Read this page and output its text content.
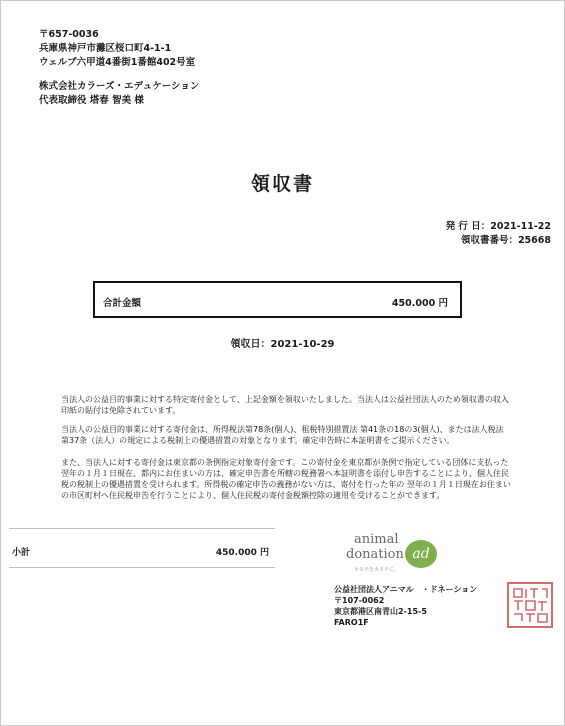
〒657-0036
兵庫県神戸市灘区桜口町4-1-1
ウェルブ六甲道4番街1番館402号室
株式会社カラーズ・エデュケーション
代表取締役 塔春 智美 様
領収書
発 行 日：2021-11-22
領収書番号：25668
合計金額	450.000 円
領収日：2021-10-29
当法人の公益目的事業に対する特定寄付金として、上記金額を領収いたしました。当法人は公益社団法人のため領収書の収入印紙の貼付は免除されています。
当法人の公益目的事業に対する寄付金は、所得税法第78条(個人)、租税特別措置法 第41条の18の3(個人)、または法人税法第37条（法人）の規定による税制上の優遇措置の対象となります。確定申告時に本証明書をご提示ください。
また、当法人に対する寄付金は東京都の条例指定対象寄付金です。この寄付金を東京都が条例で指定している団体に支払った翌年の１月１日現在、都内にお住まいの方は、確定申告書を所轄の税務署へ本証明書を添付し申告することにより、個人住民税の税制上の優遇措置を受けられます。所得税の確定申告の義務がない方は、寄付を行った年の 翌年の１月１日現在お住まいの市区町村へ住民税申告を行うことにより、個人住民税の寄付金税額控除の適用を受けることができます。
小計	450.000 円
animal
donation ad
キモチをカタチに。
公益社団法人アニマル　・ドネーション
〒107-0062
東京都港区南青山2-15-5
FARO1F
